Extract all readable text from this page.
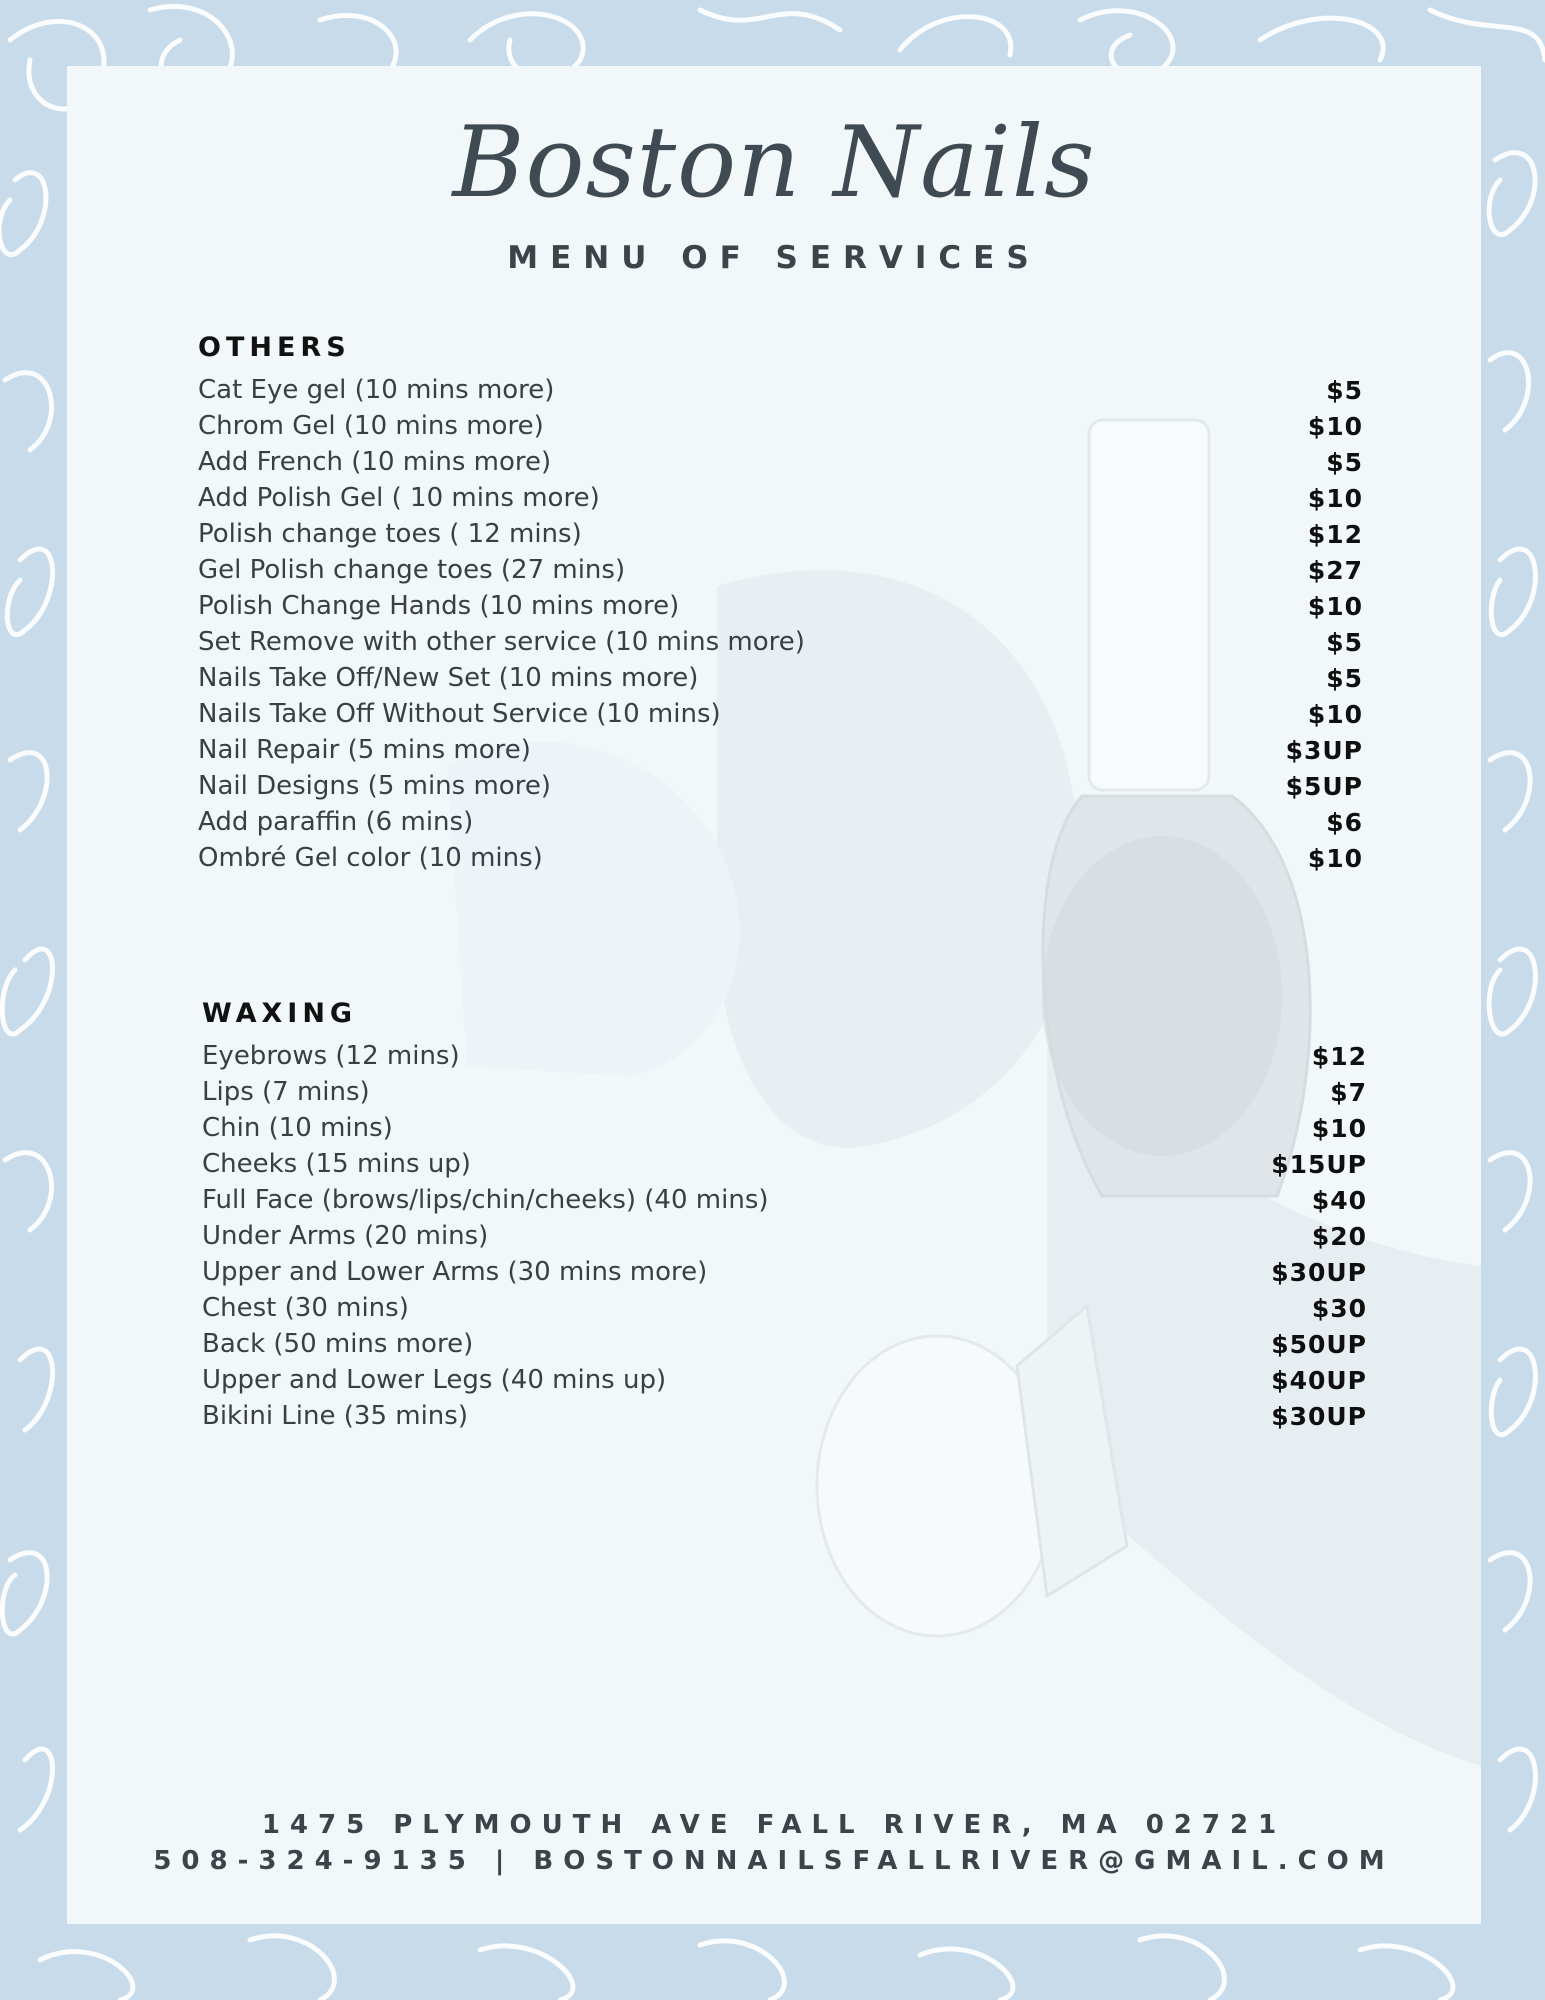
Boston Nails
MENU OF SERVICES
OTHERS
Cat Eye gel (10 mins more)	$5
Chrom Gel (10 mins more)	$10
Add French (10 mins more)	$5
Add Polish Gel ( 10 mins more)	$10
Polish change toes ( 12 mins)	$12
Gel Polish change toes (27 mins)	$27
Polish Change Hands (10 mins more)	$10
Set Remove with other service (10 mins more)	$5
Nails Take Off/New Set (10 mins more)	$5
Nails Take Off Without Service (10 mins)	$10
Nail Repair (5 mins more)	$3UP
Nail Designs (5 mins more)	$5UP
Add paraffin (6 mins)	$6
Ombré Gel color (10 mins)	$10
WAXING
Eyebrows (12 mins)	$12
Lips (7 mins)	$7
Chin (10 mins)	$10
Cheeks (15 mins up)	$15UP
Full Face (brows/lips/chin/cheeks) (40 mins)	$40
Under Arms (20 mins)	$20
Upper and Lower Arms (30 mins more)	$30UP
Chest (30 mins)	$30
Back (50 mins more)	$50UP
Upper and Lower Legs (40 mins up)	$40UP
Bikini Line (35 mins)	$30UP
1475 PLYMOUTH AVE FALL RIVER, MA 02721
508-324-9135 | BOSTONNAILSFALLRIVER@GMAIL.COM
